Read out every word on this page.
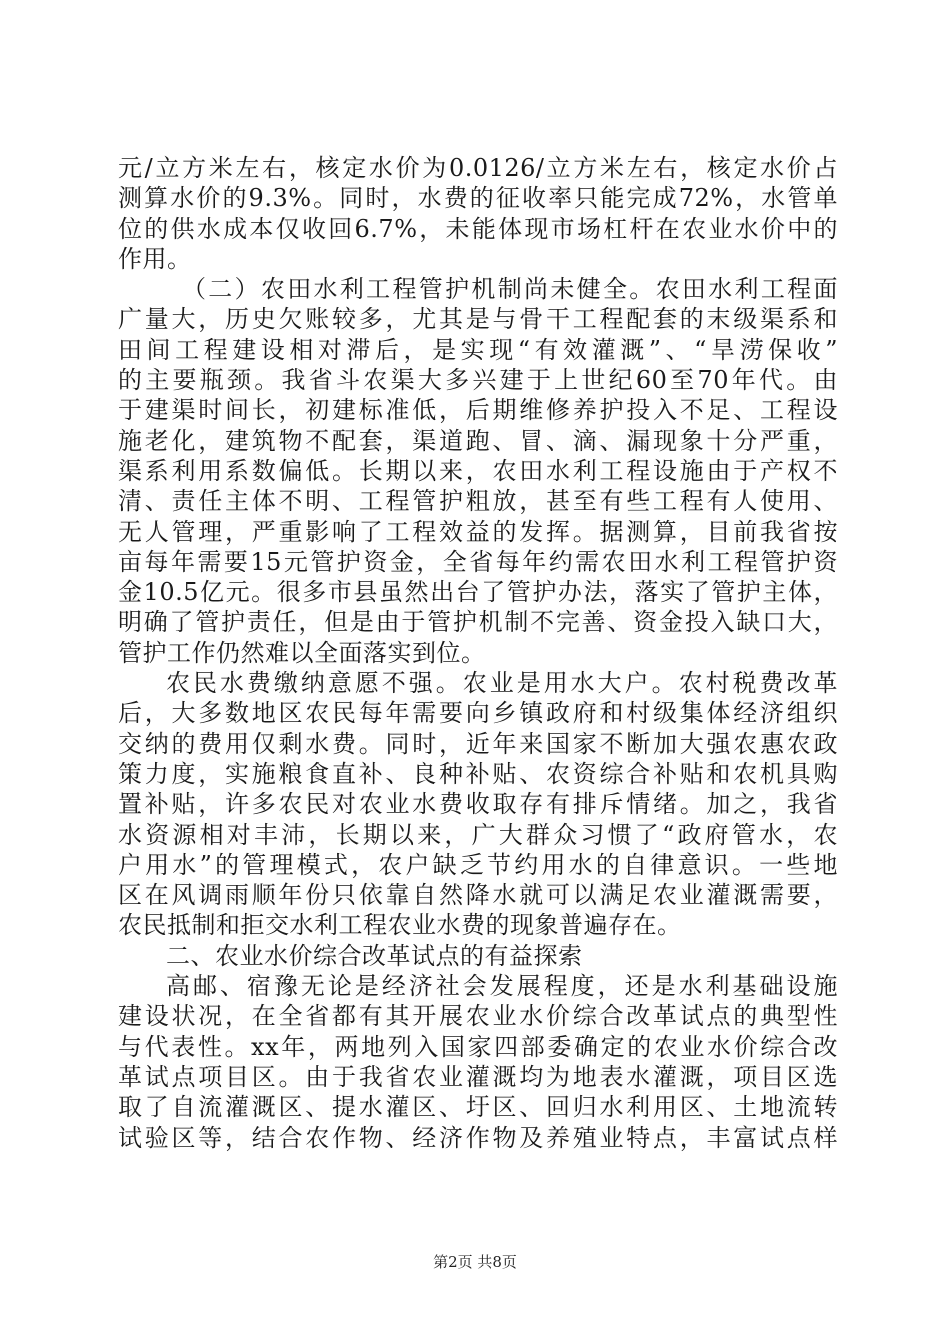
元/立方米左右，核定水价为0.0126/立方米左右，核定水价占
测算水价的9.3%。同时，水费的征收率只能完成72%，水管单
位的供水成本仅收回6.7%，未能体现市场杠杆在农业水价中的
作用。
（二）农田水利工程管护机制尚未健全。农田水利工程面
广量大，历史欠账较多，尤其是与骨干工程配套的末级渠系和
田间工程建设相对滞后，是实现“有效灌溉”、“旱涝保收”
的主要瓶颈。我省斗农渠大多兴建于上世纪60至70年代。由
于建渠时间长，初建标准低，后期维修养护投入不足、工程设
施老化，建筑物不配套，渠道跑、冒、滴、漏现象十分严重，
渠系利用系数偏低。长期以来，农田水利工程设施由于产权不
清、责任主体不明、工程管护粗放，甚至有些工程有人使用、
无人管理，严重影响了工程效益的发挥。据测算，目前我省按
亩每年需要15元管护资金，全省每年约需农田水利工程管护资
金10.5亿元。很多市县虽然出台了管护办法，落实了管护主体，
明确了管护责任，但是由于管护机制不完善、资金投入缺口大，
管护工作仍然难以全面落实到位。
农民水费缴纳意愿不强。农业是用水大户。农村税费改革
后，大多数地区农民每年需要向乡镇政府和村级集体经济组织
交纳的费用仅剩水费。同时，近年来国家不断加大强农惠农政
策力度，实施粮食直补、良种补贴、农资综合补贴和农机具购
置补贴，许多农民对农业水费收取存有排斥情绪。加之，我省
水资源相对丰沛，长期以来，广大群众习惯了“政府管水，农
户用水”的管理模式，农户缺乏节约用水的自律意识。一些地
区在风调雨顺年份只依靠自然降水就可以满足农业灌溉需要，
农民抵制和拒交水利工程农业水费的现象普遍存在。
二、农业水价综合改革试点的有益探索
高邮、宿豫无论是经济社会发展程度，还是水利基础设施
建设状况，在全省都有其开展农业水价综合改革试点的典型性
与代表性。xx年，两地列入国家四部委确定的农业水价综合改
革试点项目区。由于我省农业灌溉均为地表水灌溉，项目区选
取了自流灌溉区、提水灌区、圩区、回归水利用区、土地流转
试验区等，结合农作物、经济作物及养殖业特点，丰富试点样
第2页 共8页
